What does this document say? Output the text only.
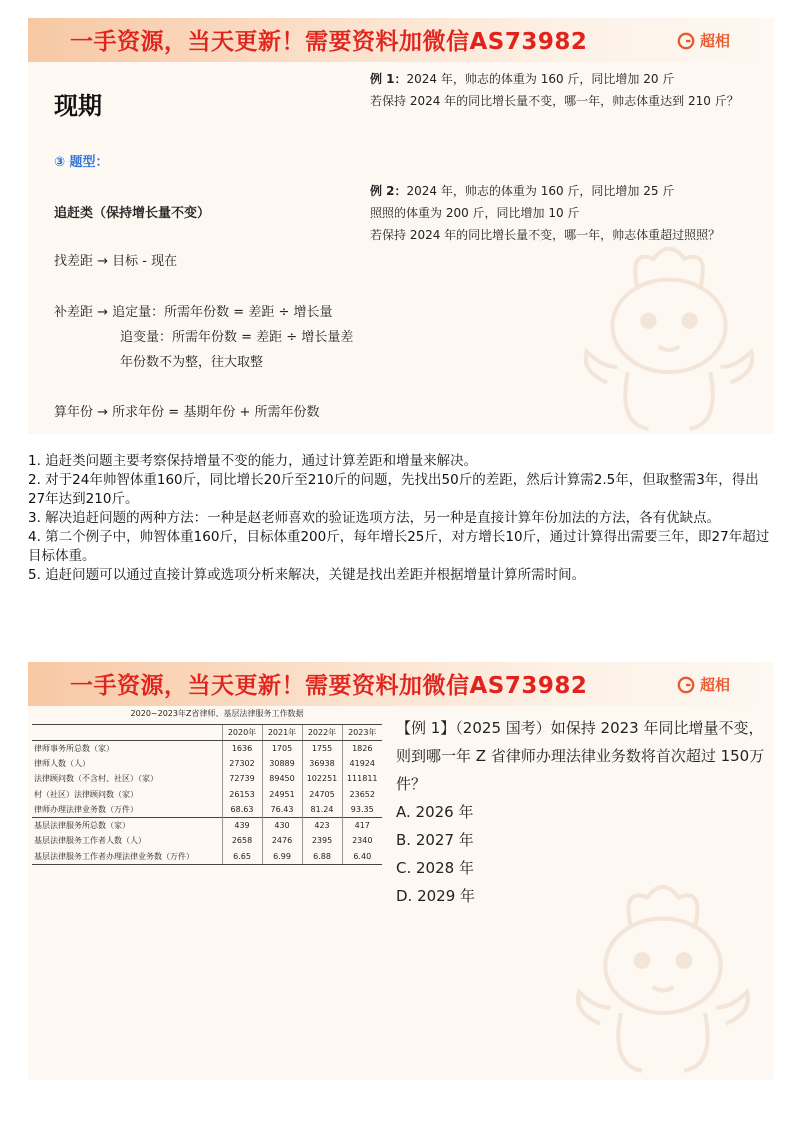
一手资源，当天更新！需要资料加微信AS73982	超相
现期
③ 题型：
追赶类（保持增长量不变）
找差距 → 目标 - 现在
补差距 → 追定量：所需年份数 = 差距 ÷ 增长量
追变量：所需年份数 = 差距 ÷ 增长量差
年份数不为整，往大取整
算年份 → 所求年份 = 基期年份 + 所需年份数
例 1：2024 年，帅志的体重为 160 斤，同比增加 20 斤
若保持 2024 年的同比增长量不变，哪一年，帅志体重达到 210 斤？
例 2：2024 年，帅志的体重为 160 斤，同比增加 25 斤
照照的体重为 200 斤，同比增加 10 斤
若保持 2024 年的同比增长量不变，哪一年，帅志体重超过照照？

1. 追赶类问题主要考察保持增量不变的能力，通过计算差距和增量来解决。

2. 对于24年帅智体重160斤，同比增长20斤至210斤的问题，先找出50斤的差距，然后计算需2.5年，但取整需3年，得出27年达到210斤。

3. 解决追赶问题的两种方法：一种是赵老师喜欢的验证选项方法，另一种是直接计算年份加法的方法，各有优缺点。

4. 第二个例子中，帅智体重160斤，目标体重200斤，每年增长25斤，对方增长10斤，通过计算得出需要三年，即27年超过目标体重。

5. 追赶问题可以通过直接计算或选项分析来解决，关键是找出差距并根据增量计算所需时间。

一手资源，当天更新！需要资料加微信AS73982	超相
2020~2023年Z省律师、基层法律服务工作数据
	2020年	2021年	2022年	2023年
律师事务所总数（家）	1636	1705	1755	1826
律师人数（人）	27302	30889	36938	41924
法律顾问数（不含村、社区）（家）	72739	89450	102251	111811
村（社区）法律顾问数（家）	26153	24951	24705	23652
律师办理法律业务数（万件）	68.63	76.43	81.24	93.35
基层法律服务所总数（家）	439	430	423	417
基层法律服务工作者人数（人）	2658	2476	2395	2340
基层法律服务工作者办理法律业务数（万件）	6.65	6.99	6.88	6.40

【例 1】（2025 国考）如保持 2023 年同比增量不变，则到哪一年 Z 省律师办理法律业务数将首次超过 150万件？

A. 2026 年

B. 2027 年

C. 2028 年

D. 2029 年
